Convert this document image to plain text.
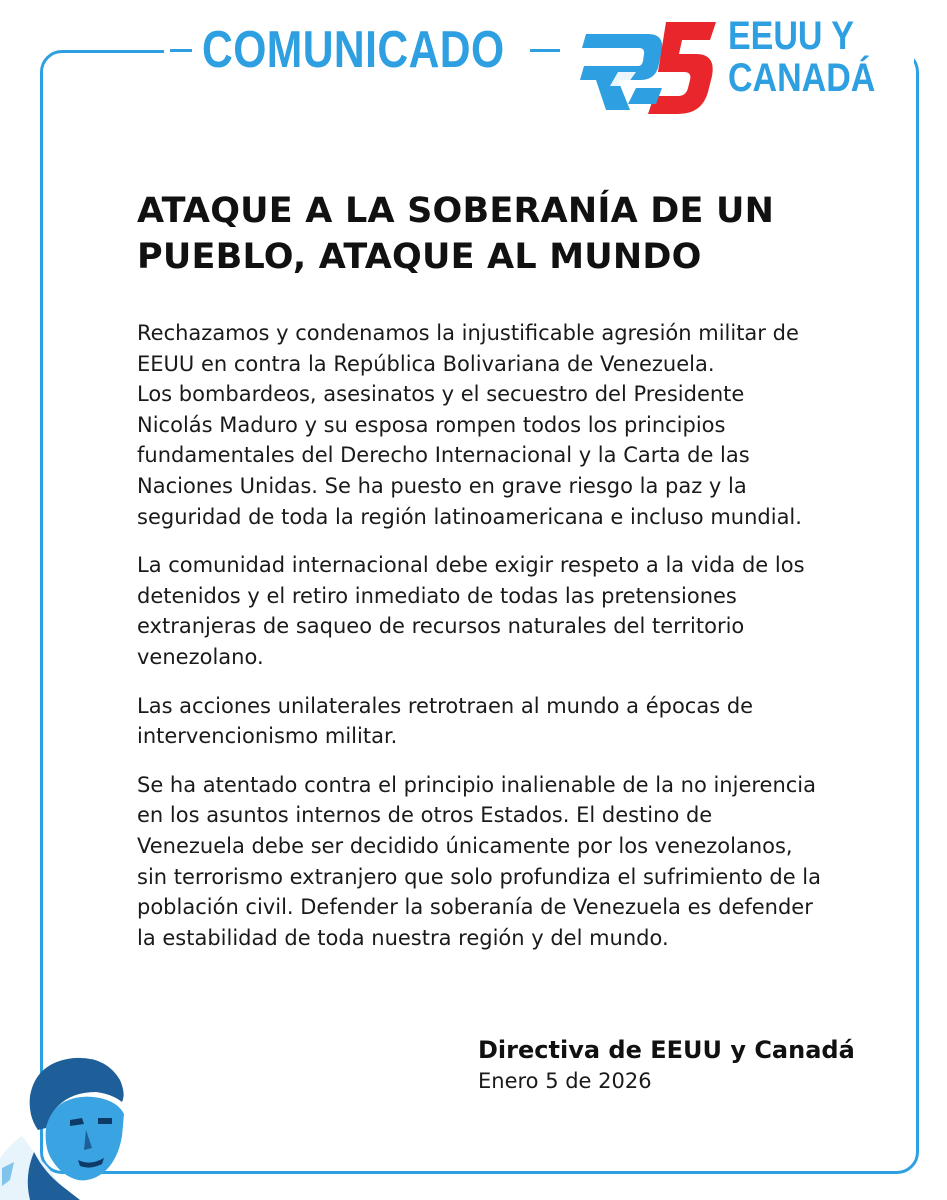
COMUNICADO	EEUU Y
CANADÁ
ATAQUE A LA SOBERANÍA DE UN
PUEBLO, ATAQUE AL MUNDO
Rechazamos y condenamos la injustificable agresión militar de
EEUU en contra la República Bolivariana de Venezuela.
Los bombardeos, asesinatos y el secuestro del Presidente
Nicolás Maduro y su esposa rompen todos los principios
fundamentales del Derecho Internacional y la Carta de las
Naciones Unidas. Se ha puesto en grave riesgo la paz y la
seguridad de toda la región latinoamericana e incluso mundial.
La comunidad internacional debe exigir respeto a la vida de los
detenidos y el retiro inmediato de todas las pretensiones
extranjeras de saqueo de recursos naturales del territorio
venezolano.
Las acciones unilaterales retrotraen al mundo a épocas de
intervencionismo militar.
Se ha atentado contra el principio inalienable de la no injerencia
en los asuntos internos de otros Estados. El destino de
Venezuela debe ser decidido únicamente por los venezolanos,
sin terrorismo extranjero que solo profundiza el sufrimiento de la
población civil. Defender la soberanía de Venezuela es defender
la estabilidad de toda nuestra región y del mundo.
Directiva de EEUU y Canadá
Enero 5 de 2026
